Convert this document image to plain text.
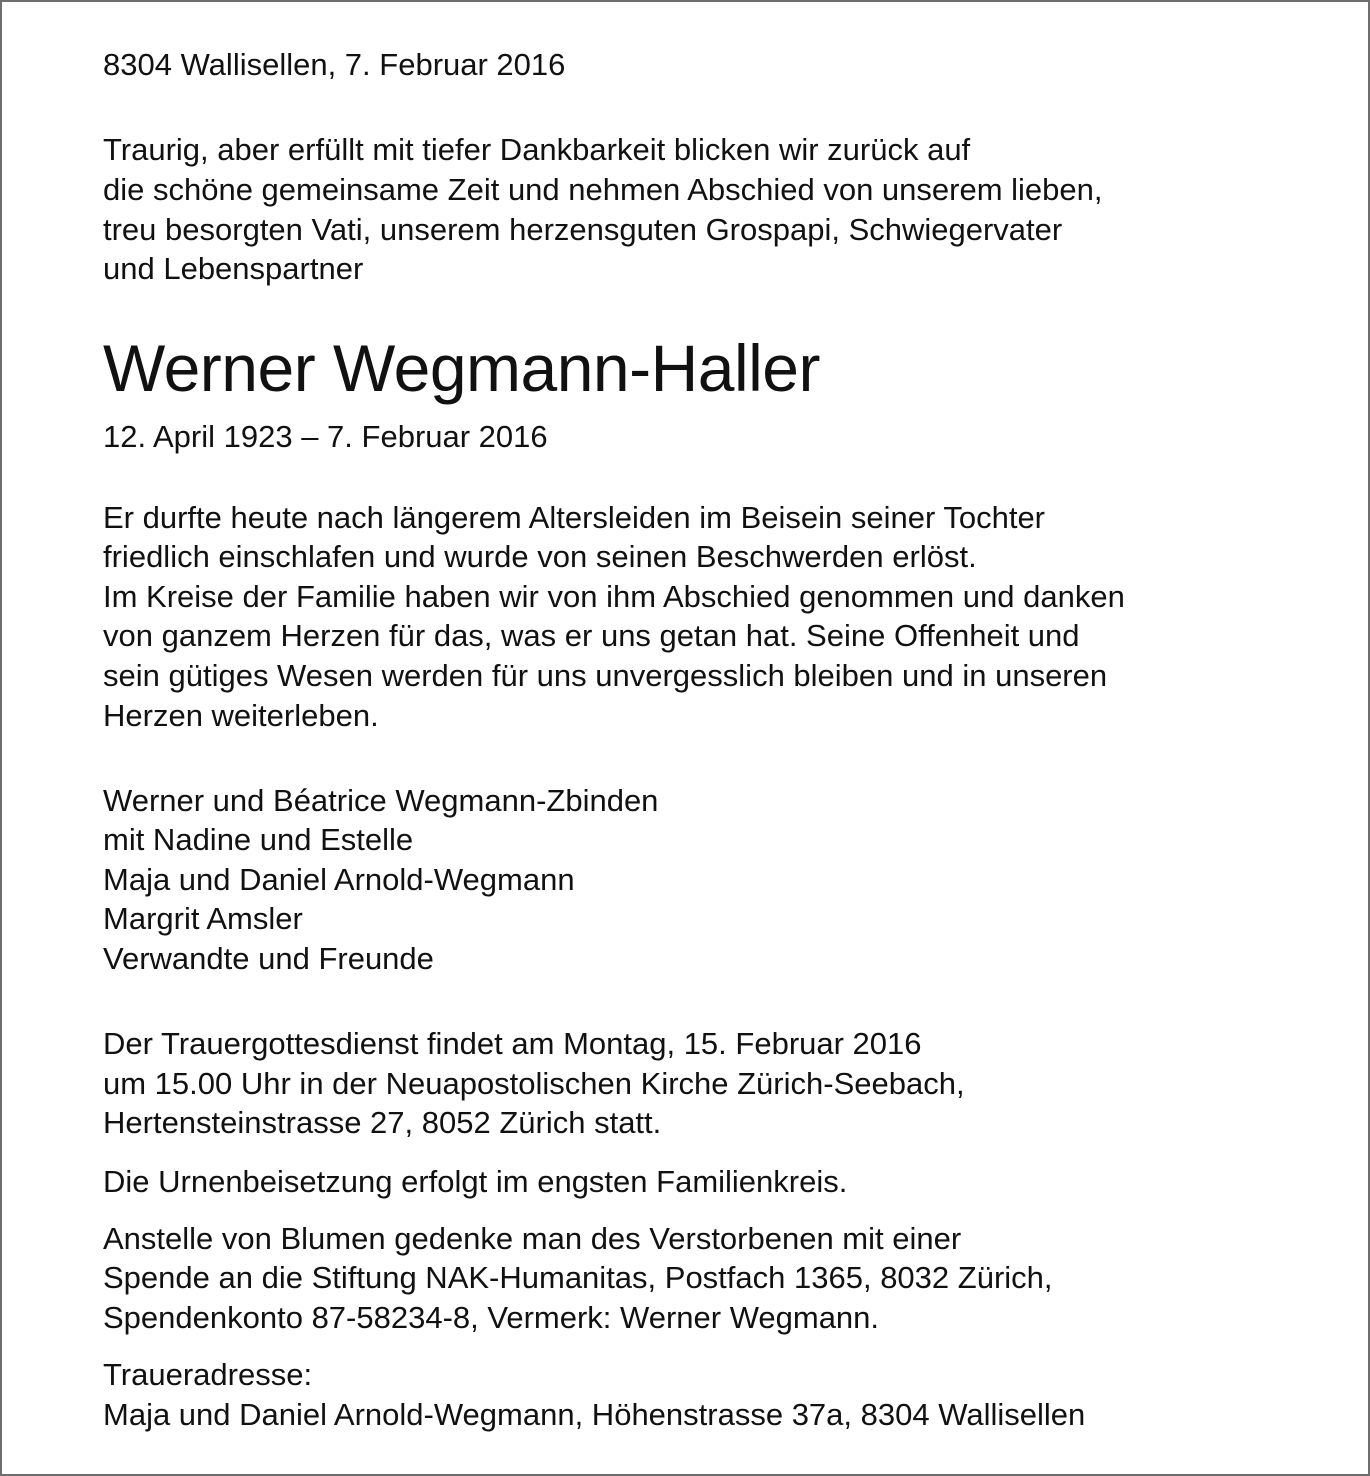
8304 Wallisellen, 7. Februar 2016
Traurig, aber erfüllt mit tiefer Dankbarkeit blicken wir zurück auf
die schöne gemeinsame Zeit und nehmen Abschied von unserem lieben,
treu besorgten Vati, unserem herzensguten Grospapi, Schwiegervater
und Lebenspartner
Werner Wegmann-Haller
12. April 1923 – 7. Februar 2016
Er durfte heute nach längerem Altersleiden im Beisein seiner Tochter
friedlich einschlafen und wurde von seinen Beschwerden erlöst.
Im Kreise der Familie haben wir von ihm Abschied genommen und danken
von ganzem Herzen für das, was er uns getan hat. Seine Offenheit und
sein gütiges Wesen werden für uns unvergesslich bleiben und in unseren
Herzen weiterleben.
Werner und Béatrice Wegmann-Zbinden
mit Nadine und Estelle
Maja und Daniel Arnold-Wegmann
Margrit Amsler
Verwandte und Freunde
Der Trauergottesdienst findet am Montag, 15. Februar 2016
um 15.00 Uhr in der Neuapostolischen Kirche Zürich-Seebach,
Hertensteinstrasse 27, 8052 Zürich statt.
Die Urnenbeisetzung erfolgt im engsten Familienkreis.
Anstelle von Blumen gedenke man des Verstorbenen mit einer
Spende an die Stiftung NAK-Humanitas, Postfach 1365, 8032 Zürich,
Spendenkonto 87-58234-8, Vermerk: Werner Wegmann.
Traueradresse:
Maja und Daniel Arnold-Wegmann, Höhenstrasse 37a, 8304 Wallisellen
